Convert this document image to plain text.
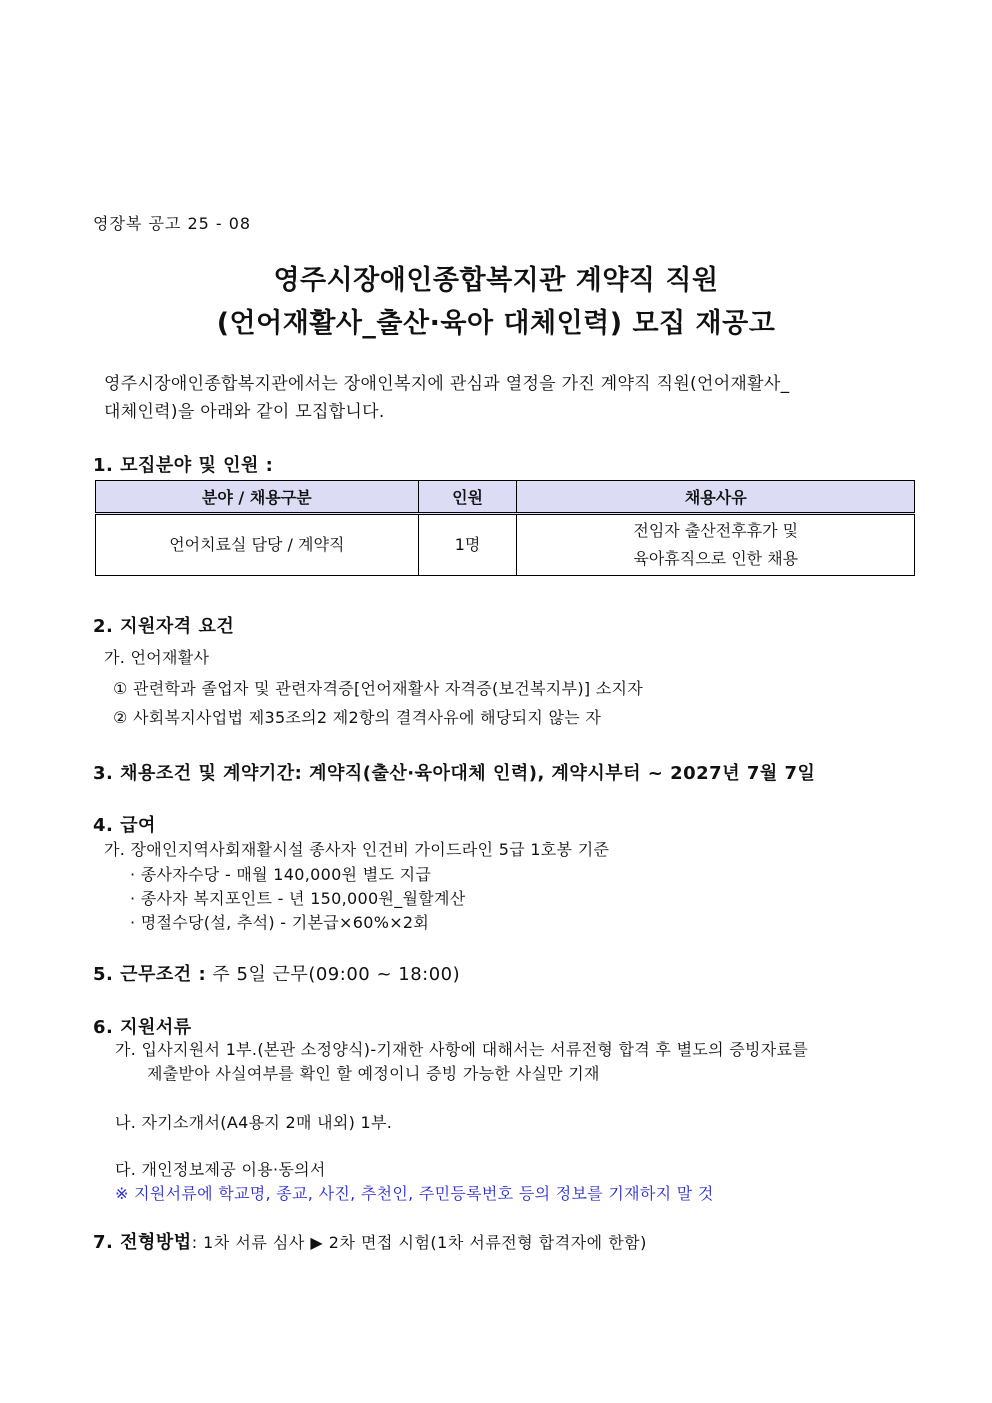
영장복 공고 25 - 08
영주시장애인종합복지관 계약직 직원
(언어재활사_출산·육아 대체인력) 모집 재공고
영주시장애인종합복지관에서는 장애인복지에 관심과 열정을 가진 계약직 직원(언어재활사_
대체인력)을 아래와 같이 모집합니다.
1. 모집분야 및 인원 :
분야 / 채용구분	인원	채용사유
언어치료실 담당 / 계약직	1명	전임자 출산전후휴가 및
육아휴직으로 인한 채용
2. 지원자격 요건
가. 언어재활사
① 관련학과 졸업자 및 관련자격증[언어재활사 자격증(보건복지부)] 소지자
② 사회복지사업법 제35조의2 제2항의 결격사유에 해당되지 않는 자
3. 채용조건 및 계약기간: 계약직(출산·육아대체 인력), 계약시부터 ~ 2027년 7월 7일
4. 급여
가. 장애인지역사회재활시설 종사자 인건비 가이드라인 5급 1호봉 기준
· 종사자수당 - 매월 140,000원 별도 지급
· 종사자 복지포인트 - 년 150,000원_월할계산
· 명절수당(설, 추석) - 기본급×60%×2회
5. 근무조건 : 주 5일 근무(09:00 ~ 18:00)
6. 지원서류
가. 입사지원서 1부.(본관 소정양식)-기재한 사항에 대해서는 서류전형 합격 후 별도의 증빙자료를
제출받아 사실여부를 확인 할 예정이니 증빙 가능한 사실만 기재
나. 자기소개서(A4용지 2매 내외) 1부.
다. 개인정보제공 이용·동의서
※ 지원서류에 학교명, 종교, 사진, 추천인, 주민등록번호 등의 정보를 기재하지 말 것
7. 전형방법: 1차 서류 심사 ▶ 2차 면접 시험(1차 서류전형 합격자에 한함)
